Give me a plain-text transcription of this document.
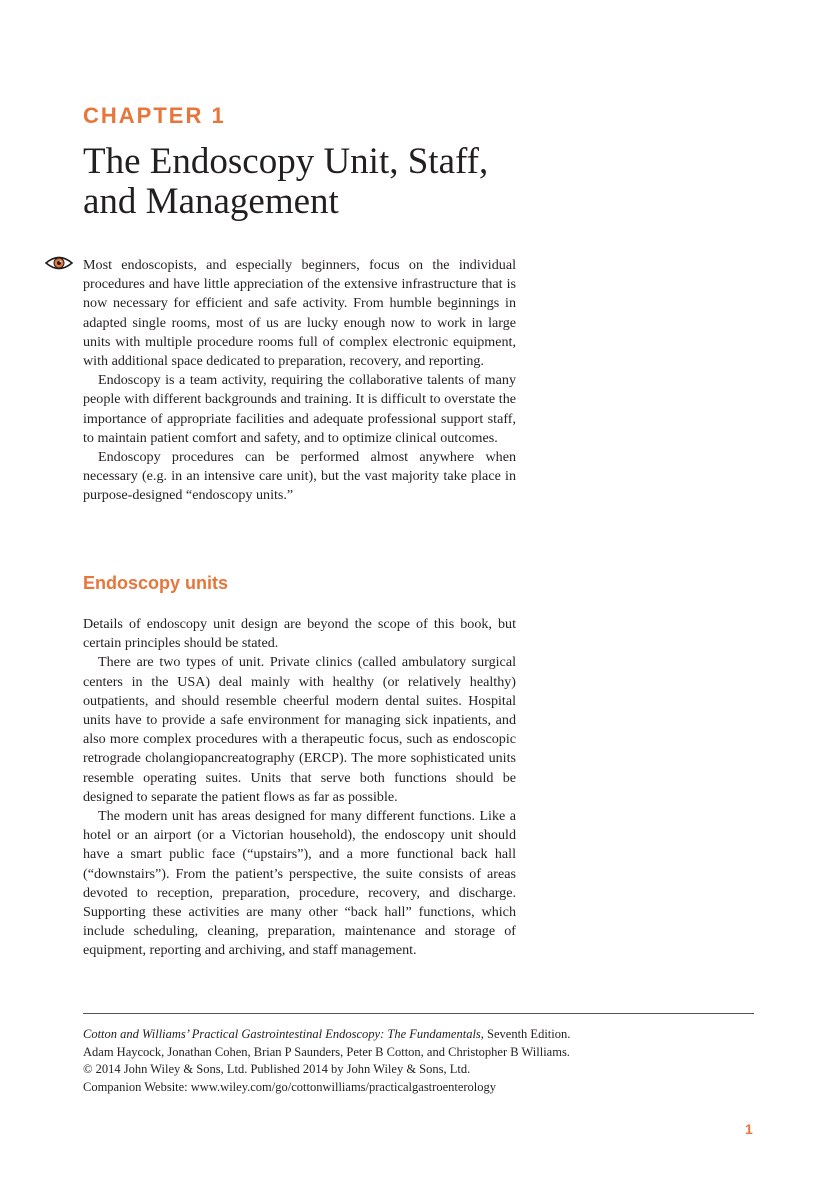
CHAPTER 1
The Endoscopy Unit, Staff,
and Management

Most endoscopists, and especially beginners, focus on the individual procedures and have little appreciation of the extensive infrastructure that is now necessary for efficient and safe activity. From humble beginnings in adapted single rooms, most of us are lucky enough now to work in large units with multiple procedure rooms full of complex electronic equipment, with additional space dedicated to preparation, recovery, and reporting.

Endoscopy is a team activity, requiring the collaborative talents of many people with different backgrounds and training. It is difficult to overstate the importance of appropriate facilities and adequate professional support staff, to maintain patient comfort and safety, and to optimize clinical outcomes.

Endoscopy procedures can be performed almost anywhere when necessary (e.g. in an intensive care unit), but the vast majority take place in purpose-designed “endoscopy units.”

Endoscopy units

Details of endoscopy unit design are beyond the scope of this book, but certain principles should be stated.

There are two types of unit. Private clinics (called ambulatory surgical centers in the USA) deal mainly with healthy (or relatively healthy) outpatients, and should resemble cheerful modern dental suites. Hospital units have to provide a safe environment for managing sick inpatients, and also more complex procedures with a therapeutic focus, such as endoscopic retrograde cholangiopancreatography (ERCP). The more sophisticated units resemble operating suites. Units that serve both functions should be designed to separate the patient flows as far as possible.

The modern unit has areas designed for many different functions. Like a hotel or an airport (or a Victorian household), the endoscopy unit should have a smart public face (“upstairs”), and a more functional back hall (“downstairs”). From the patient’s perspective, the suite consists of areas devoted to reception, preparation, procedure, recovery, and discharge. Supporting these activities are many other “back hall” functions, which include scheduling, cleaning, preparation, maintenance and storage of equipment, reporting and archiving, and staff management.

Cotton and Williams’ Practical Gastrointestinal Endoscopy: The Fundamentals, Seventh Edition.
Adam Haycock, Jonathan Cohen, Brian P Saunders, Peter B Cotton, and Christopher B Williams.
© 2014 John Wiley & Sons, Ltd. Published 2014 by John Wiley & Sons, Ltd.
Companion Website: www.wiley.com/go/cottonwilliams/practicalgastroenterology
1
